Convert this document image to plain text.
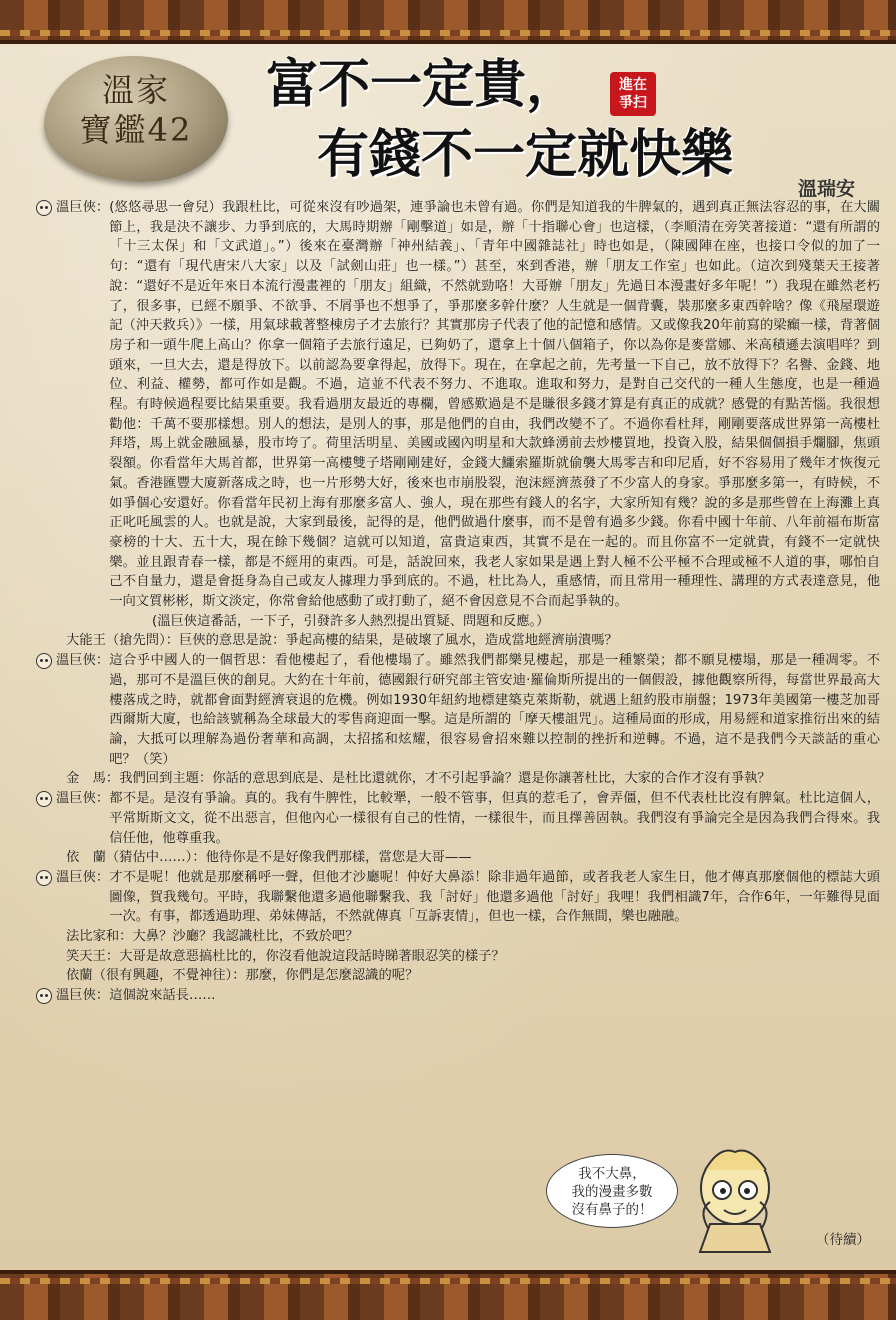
溫家
寶鑑42
富不一定貴，	進在
爭扫
有錢不一定就快樂
溫瑞安
溫巨俠： (悠悠尋思一會兒）我跟杜比，可從來沒有吵過架，連爭論也未曾有過。你們是知道我的牛脾氣的，遇到真正無法容忍的事，在大關節上，我是決不讓步、力爭到底的，大馬時期辦「剛擊道」如是，辦「十指聯心會」也這樣，（李順清在旁笑著接道：“還有所謂的「十三太保」和「文武道」。”）後來在臺灣辦「神州結義」、「青年中國雜誌社」時也如是，（陳國陣在座，也接口令似的加了一句：“還有「現代唐宋八大家」以及「試劍山莊」也一樣。”）甚至，來到香港，辦「朋友工作室」也如此。（這次到殘葉天王接著說：“還好不是近年來日本流行漫畫裡的「朋友」組織，不然就勁咯！大哥辦「朋友」先過日本漫畫好多年呢！”）我現在雖然老朽了，很多事，已經不願爭、不欲爭、不屑爭也不想爭了，爭那麼多幹什麼？人生就是一個背囊，裝那麼多東西幹啥？像《飛屋環遊記（沖天救兵）》一樣，用氣球載著整棟房子才去旅行？其實那房子代表了他的記憶和感情。又或像我20年前寫的梁癲一樣，背著個房子和一頭牛爬上高山？你拿一個箱子去旅行遠足，已夠奶了，還拿上十個八個箱子，你以為你是麥當娜、米高積遜去演唱咩？到頭來，一旦大去，還是得放下。以前認為要拿得起，放得下。現在，在拿起之前，先考量一下自己，放不放得下？名譽、金錢、地位、利益、權勢，都可作如是觀。不過，這並不代表不努力、不進取。進取和努力，是對自己交代的一種人生態度，也是一種過程。有時候過程要比結果重要。我看過朋友最近的專欄，曾感歎過是不是賺很多錢才算是有真正的成就？感覺的有點苦惱。我很想勸他：千萬不要那樣想。別人的想法，是別人的事，那是他們的自由，我們改變不了。不過你看杜拜，剛剛要落成世界第一高樓杜拜塔，馬上就金融風暴，股市垮了。荷里活明星、美國或國內明星和大款蜂湧前去炒樓買地，投資入股，結果個個損手爛腳，焦頭裂額。你看當年大馬首都，世界第一高樓雙子塔剛剛建好，金錢大鱷索羅斯就偷襲大馬零吉和印尼盾，好不容易用了幾年才恢復元氣。香港匯豐大廈新落成之時，也一片形勢大好，後來也市崩股裂，泡沫經濟蒸發了不少富人的身家。爭那麼多第一，有時候，不如爭個心安還好。你看當年民初上海有那麼多富人、強人，現在那些有錢人的名字，大家所知有幾？說的多是那些曾在上海灘上真正叱吒風雲的人。也就是說，大家到最後，記得的是，他們做過什麼事，而不是曾有過多少錢。你看中國十年前、八年前福布斯富豪榜的十大、五十大，現在餘下幾個？這就可以知道，富貴這東西，其實不是在一起的。而且你富不一定就貴，有錢不一定就快樂。並且跟青春一樣，都是不經用的東西。可是，話說回來，我老人家如果是遇上對人極不公平極不合理或極不人道的事，哪怕自己不自量力，還是會挺身為自己或友人據理力爭到底的。不過，杜比為人，重感情，而且常用一種理性、講理的方式表達意見，他一向文質彬彬，斯文淡定，你常會給他感動了或打動了，絕不會因意見不合而起爭執的。
(溫巨俠這番話，一下子，引發許多人熱烈提出質疑、問題和反應。）
大能王（搶先問）： 巨俠的意思是說：爭起高樓的結果，是破壞了風水，造成當地經濟崩潰嗎？
溫巨俠： 這合乎中國人的一個哲思：看他樓起了，看他樓塌了。雖然我們都樂見樓起，那是一種繁榮；都不願見樓塌，那是一種凋零。不過，那可不是溫巨俠的創見。大約在十年前，德國銀行研究部主管安迪·羅倫斯所提出的一個假設，據他觀察所得，每當世界最高大樓落成之時，就都會面對經濟衰退的危機。例如1930年紐約地標建築克萊斯勒，就遇上紐約股市崩盤；1973年美國第一樓芝加哥西爾斯大廈，也給該號稱為全球最大的零售商迎面一擊。這是所謂的「摩天樓詛咒」。這種局面的形成，用易經和道家推衍出來的結論，大抵可以理解為過份奢華和高調，太招搖和炫耀，很容易會招來難以控制的挫折和逆轉。不過，這不是我們今天談話的重心吧？（笑）
金　馬： 我們回到主題：你話的意思到底是、是杜比還就你，才不引起爭論？還是你讓著杜比，大家的合作才沒有爭執？
溫巨俠： 都不是。是沒有爭論。真的。我有牛脾性，比較犟，一般不管事，但真的惹毛了，會弄僵，但不代表杜比沒有脾氣。杜比這個人，平常斯斯文文，從不出惡言，但他內心一樣很有自己的性情，一樣很牛，而且擇善固執。我們沒有爭論完全是因為我們合得來。我信任他，他尊重我。
依　蘭（猜估中……）： 他待你是不是好像我們那樣，當您是大哥——
溫巨俠： 才不是呢！他就是那麼稱呼一聲，但他才沙廳呢！仲好大鼻添！除非過年過節，或者我老人家生日，他才傳真那麼個他的標誌大頭圖像，賀我幾句。平時，我聯繫他還多過他聯繫我、我「討好」他還多過他「討好」我哩！我們相識7年，合作6年，一年難得見面一次。有事，都透過助理、弟妹傳話，不然就傳真「互訴衷情」，但也一樣，合作無間，樂也融融。
法比家和： 大鼻？沙廳？我認識杜比，不致於吧？
笑天王： 大哥是故意惡搞杜比的，你沒看他說這段話時睇著眼忍笑的樣子？
依蘭（很有興趣，不覺神往）： 那麼，你們是怎麼認識的呢？
溫巨俠： 這個說來話長……
我不大鼻，
我的漫畫多數
沒有鼻子的！
（待續）
